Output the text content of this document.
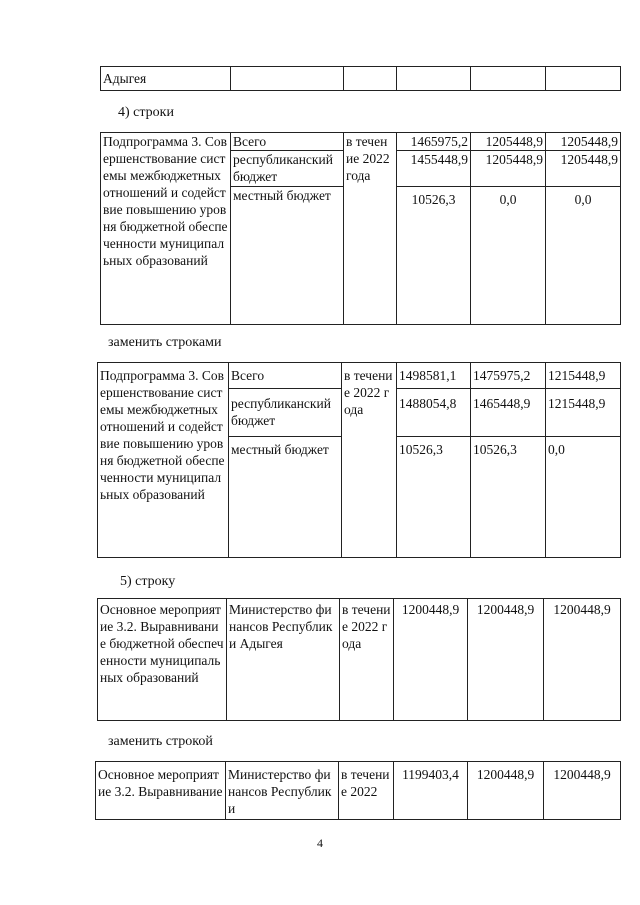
Адыгея					

4) строки

Подпрограмма 3. Совершенствование системы межбюджетных отношений и содействие повышению уровня бюджетной обеспеченности муниципальных образований	Всего	в течение 2022 года	1465975,2	1205448,9	1205448,9
	республиканский бюджет		1455448,9	1205448,9	1205448,9
	местный бюджет		10526,3	0,0	0,0

заменить строками

Подпрограмма 3. Совершенствование системы межбюджетных отношений и содействие повышению уровня бюджетной обеспеченности муниципальных образований	Всего	в течение 2022 года	1498581,1	1475975,2	1215448,9
	республиканский бюджет		1488054,8	1465448,9	1215448,9
	местный бюджет		10526,3	10526,3	0,0

5) строку

Основное мероприятие 3.2. Выравнивание бюджетной обеспеченности муниципальных образований	Министерство финансов Республики Адыгея	в течение 2022 года	1200448,9	1200448,9	1200448,9

заменить строкой

Основное мероприятие 3.2. Выравнивание	Министерство финансов Республики	в течение 2022	1199403,4	1200448,9	1200448,9
4
